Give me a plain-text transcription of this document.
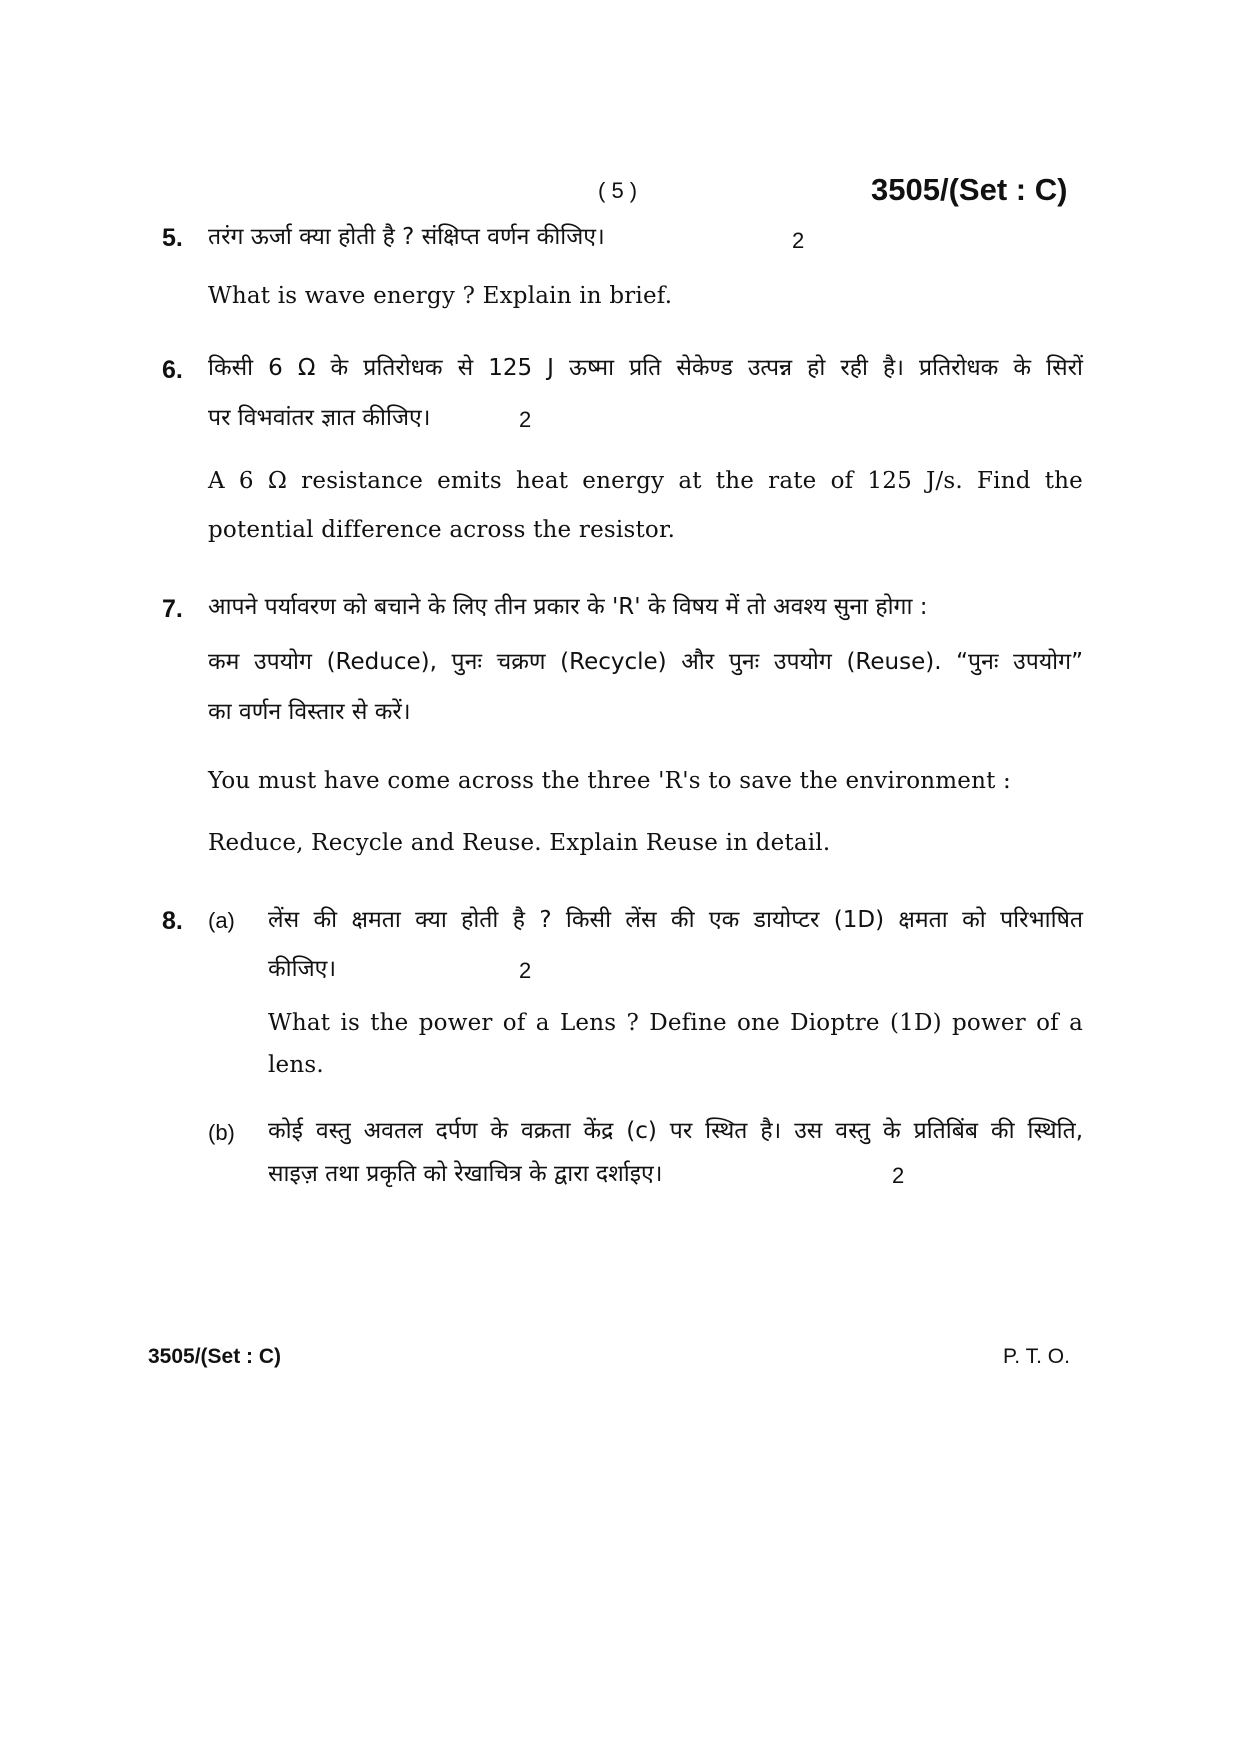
( 5 )	3505/(Set : C)
5. तरंग ऊर्जा क्या होती है ? संक्षिप्त वर्णन कीजिए।	2
What is wave energy ? Explain in brief.
6. किसी 6 Ω के प्रतिरोधक से 125 J ऊष्मा प्रति सेकेण्ड उत्पन्न हो रही है। प्रतिरोधक के सिरों
पर विभवांतर ज्ञात कीजिए।	2
A 6 Ω resistance emits heat energy at the rate of 125 J/s. Find the
potential difference across the resistor.
7. आपने पर्यावरण को बचाने के लिए तीन प्रकार के 'R' के विषय में तो अवश्य सुना होगा :
कम उपयोग (Reduce), पुनः चक्रण (Recycle) और पुनः उपयोग (Reuse). “पुनः उपयोग”
का वर्णन विस्तार से करें।
You must have come across the three 'R's to save the environment :
Reduce, Recycle and Reuse. Explain Reuse in detail.
8. (a) लेंस की क्षमता क्या होती है ? किसी लेंस की एक डायोप्टर (1D) क्षमता को परिभाषित
कीजिए।	2
What is the power of a Lens ? Define one Dioptre (1D) power of a
lens.
(b) कोई वस्तु अवतल दर्पण के वक्रता केंद्र (c) पर स्थित है। उस वस्तु के प्रतिबिंब की स्थिति,
साइज़ तथा प्रकृति को रेखाचित्र के द्वारा दर्शाइए।	2
3505/(Set : C)	P. T. O.
